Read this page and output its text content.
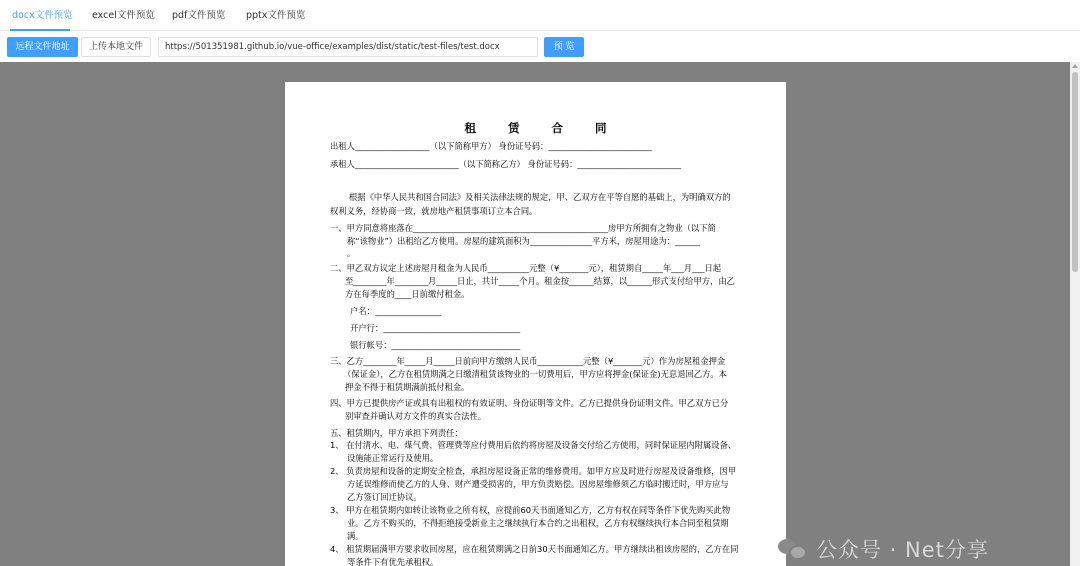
docx文件预览 excel文件预览 pdf文件预览 pptx文件预览
远程文件地址	上传本地文件
https://501351981.github.io/vue-office/examples/dist/static/test-files/test.docx	预 览
租 赁 合 同
出租人__________________（以下简称甲方） 身份证号码：_________________________
承租人_________________________（以下简称乙方） 身份证号码：_________________________
根据《中华人民共和国合同法》及相关法律法规的规定，甲、乙双方在平等自愿的基础上，为明确双方的
权利义务，经协商一致，就房地产租赁事项订立本合同。
一、甲方同意将座落在_______________________________________________房甲方所拥有之物业（以下简
称“该物业”）出租给乙方使用。房屋的建筑面积为_______________平方米，房屋用途为：______
。
二、甲乙双方议定上述房屋月租金为人民币__________元整（¥_______元），租赁期自_____年___月___日起
至________年________月_____日止，共计_____个月。租金按______结算，以______形式支付给甲方，由乙
方在每季度的____日前缴付租金。
户名：________________
开户行：_________________________________
银行帐号：_______________________________
三、乙方________年_____月_____日前向甲方缴纳人民币___________元整（¥_______元）作为房屋租金押金
（保证金），乙方在租赁期满之日缴清租赁该物业的一切费用后，甲方应将押金(保证金)无息退回乙方。本
押金不得于租赁期满前抵付租金。
四、甲方已提供房产证或具有出租权的有效证明、身份证明等文件。乙方已提供身份证明文件。甲乙双方已分
别审查并确认对方文件的真实合法性。
五、租赁期内，甲方承担下列责任：
1、 在付清水、电、煤气费、管理费等应付费用后依约将房屋及设备交付给乙方使用，同时保证屋内附属设备、
设施能正常运行及使用。
2、 负责房屋和设备的定期安全检查，承担房屋设备正常的维修费用。如甲方应及时进行房屋及设备维修，因甲
方延误维修而使乙方的人身、财产遭受损害的，甲方负责赔偿。因房屋维修须乙方临时搬迁时，甲方应与
乙方签订回迁协议。
3、 甲方在租赁期内如转让该物业之所有权，应提前60天书面通知乙方，乙方有权在同等条件下优先购买此物
业。乙方不购买的，不得拒绝接受新业主之继续执行本合约之出租权，乙方有权继续执行本合同至租赁期
满。
4、 租赁期届满甲方要求收回房屋，应在租赁期满之日前30天书面通知乙方。甲方继续出租该房屋的，乙方在同
等条件下有优先承租权。	公众号 · Net分享
